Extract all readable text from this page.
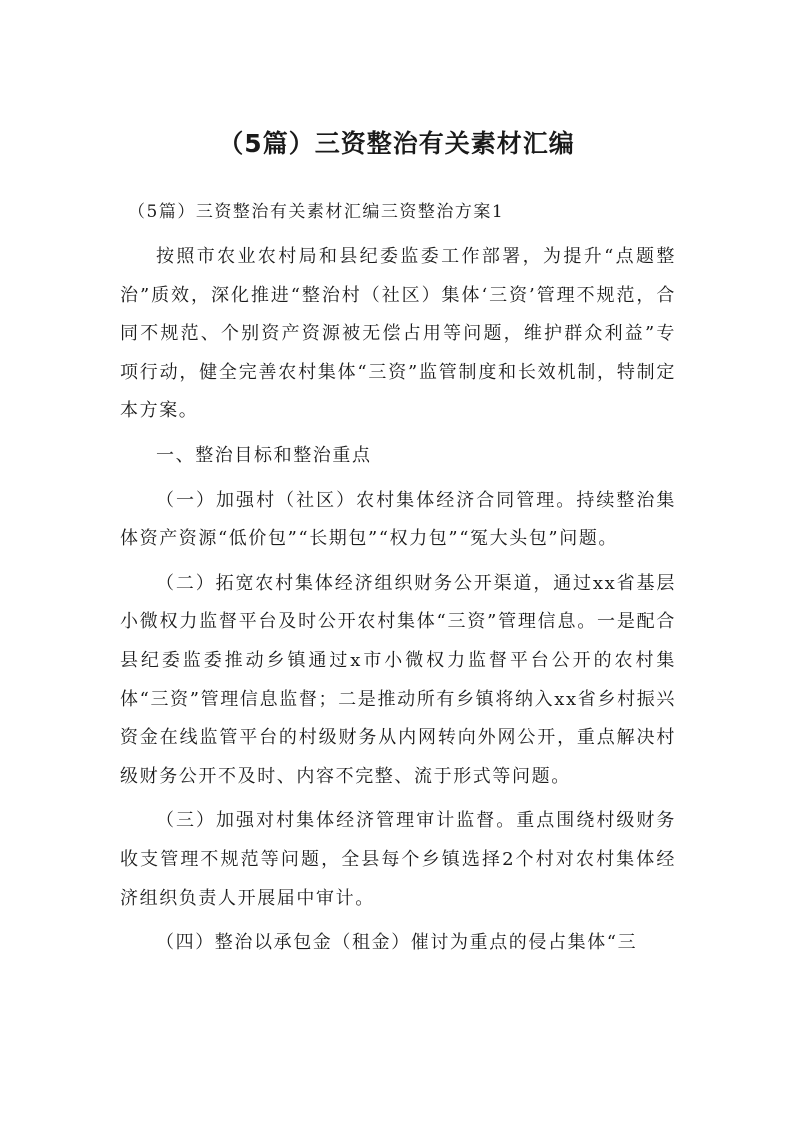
（5篇）三资整治有关素材汇编
（5篇）三资整治有关素材汇编三资整治方案1

按照市农业农村局和县纪委监委工作部署，为提升“点题整治”质效，深化推进“整治村（社区）集体‘三资’管理不规范，合同不规范、个别资产资源被无偿占用等问题，维护群众利益”专项行动，健全完善农村集体“三资”监管制度和长效机制，特制定本方案。

一、整治目标和整治重点

（一）加强村（社区）农村集体经济合同管理。持续整治集体资产资源“低价包”“长期包”“权力包”“冤大头包”问题。

（二）拓宽农村集体经济组织财务公开渠道，通过xx省基层小微权力监督平台及时公开农村集体“三资”管理信息。一是配合县纪委监委推动乡镇通过x市小微权力监督平台公开的农村集体“三资”管理信息监督；二是推动所有乡镇将纳入xx省乡村振兴资金在线监管平台的村级财务从内网转向外网公开，重点解决村级财务公开不及时、内容不完整、流于形式等问题。

（三）加强对村集体经济管理审计监督。重点围绕村级财务收支管理不规范等问题，全县每个乡镇选择2个村对农村集体经济组织负责人开展届中审计。

（四）整治以承包金（租金）催讨为重点的侵占集体“三
